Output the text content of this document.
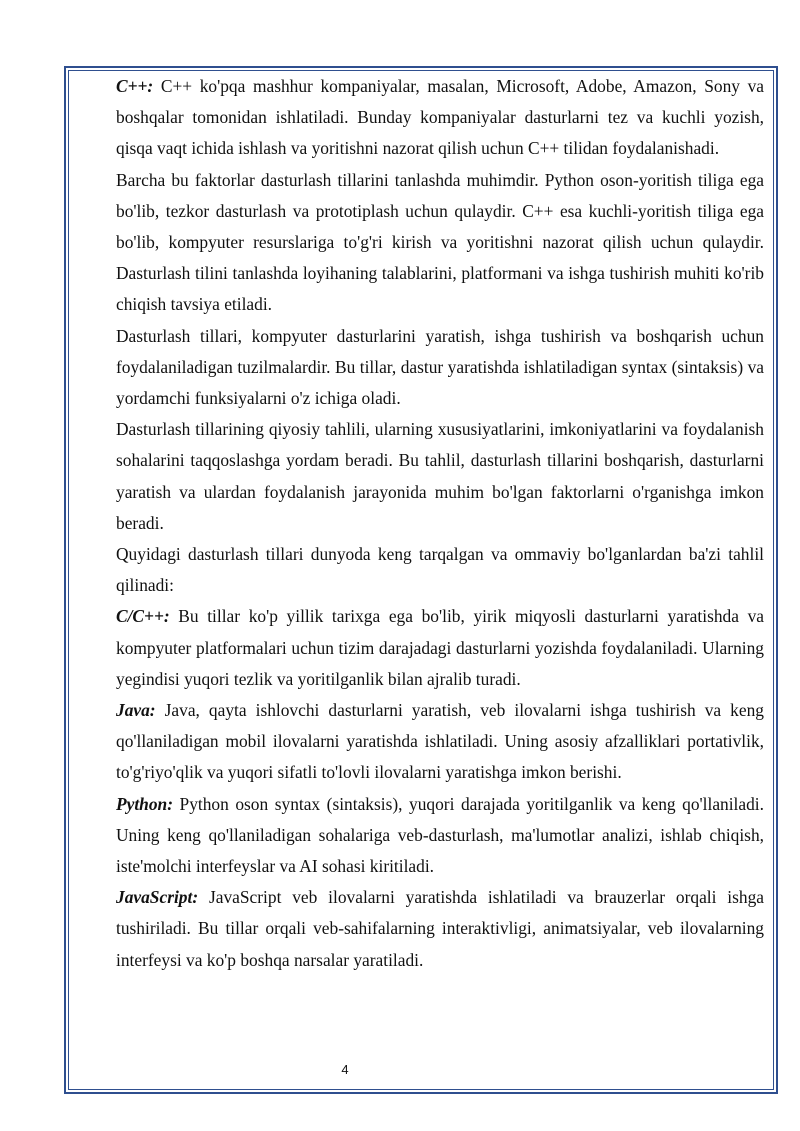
C++: C++ ko'pqa mashhur kompaniyalar, masalan, Microsoft, Adobe, Amazon, Sony va boshqalar tomonidan ishlatiladi. Bunday kompaniyalar dasturlarni tez va kuchli yozish, qisqa vaqt ichida ishlash va yoritishni nazorat qilish uchun C++ tilidan foydalanishadi.

Barcha bu faktorlar dasturlash tillarini tanlashda muhimdir. Python oson-yoritish tiliga ega bo'lib, tezkor dasturlash va prototiplash uchun qulaydir. C++ esa kuchli-yoritish tiliga ega bo'lib, kompyuter resurslariga to'g'ri kirish va yoritishni nazorat qilish uchun qulaydir. Dasturlash tilini tanlashda loyihaning talablarini, platformani va ishga tushirish muhiti ko'rib chiqish tavsiya etiladi.

Dasturlash tillari, kompyuter dasturlarini yaratish, ishga tushirish va boshqarish uchun foydalaniladigan tuzilmalardir. Bu tillar, dastur yaratishda ishlatiladigan syntax (sintaksis) va yordamchi funksiyalarni o'z ichiga oladi.

Dasturlash tillarining qiyosiy tahlili, ularning xususiyatlarini, imkoniyatlarini va foydalanish sohalarini taqqoslashga yordam beradi. Bu tahlil, dasturlash tillarini boshqarish, dasturlarni yaratish va ulardan foydalanish jarayonida muhim bo'lgan faktorlarni o'rganishga imkon beradi.

Quyidagi dasturlash tillari dunyoda keng tarqalgan va ommaviy bo'lganlardan ba'zi tahlil qilinadi:

C/C++: Bu tillar ko'p yillik tarixga ega bo'lib, yirik miqyosli dasturlarni yaratishda va kompyuter platformalari uchun tizim darajadagi dasturlarni yozishda foydalaniladi. Ularning yegindisi yuqori tezlik va yoritilganlik bilan ajralib turadi.

Java: Java, qayta ishlovchi dasturlarni yaratish, veb ilovalarni ishga tushirish va keng qo'llaniladigan mobil ilovalarni yaratishda ishlatiladi. Uning asosiy afzalliklari portativlik, to'g'riyo'qlik va yuqori sifatli to'lovli ilovalarni yaratishga imkon berishi.

Python: Python oson syntax (sintaksis), yuqori darajada yoritilganlik va keng qo'llaniladi. Uning keng qo'llaniladigan sohalariga veb-dasturlash, ma'lumotlar analizi, ishlab chiqish, iste'molchi interfeyslar va AI sohasi kiritiladi.

JavaScript: JavaScript veb ilovalarni yaratishda ishlatiladi va brauzerlar orqali ishga tushiriladi. Bu tillar orqali veb-sahifalarning interaktivligi, animatsiyalar, veb ilovalarning interfeysi va ko'p boshqa narsalar yaratiladi.

4
